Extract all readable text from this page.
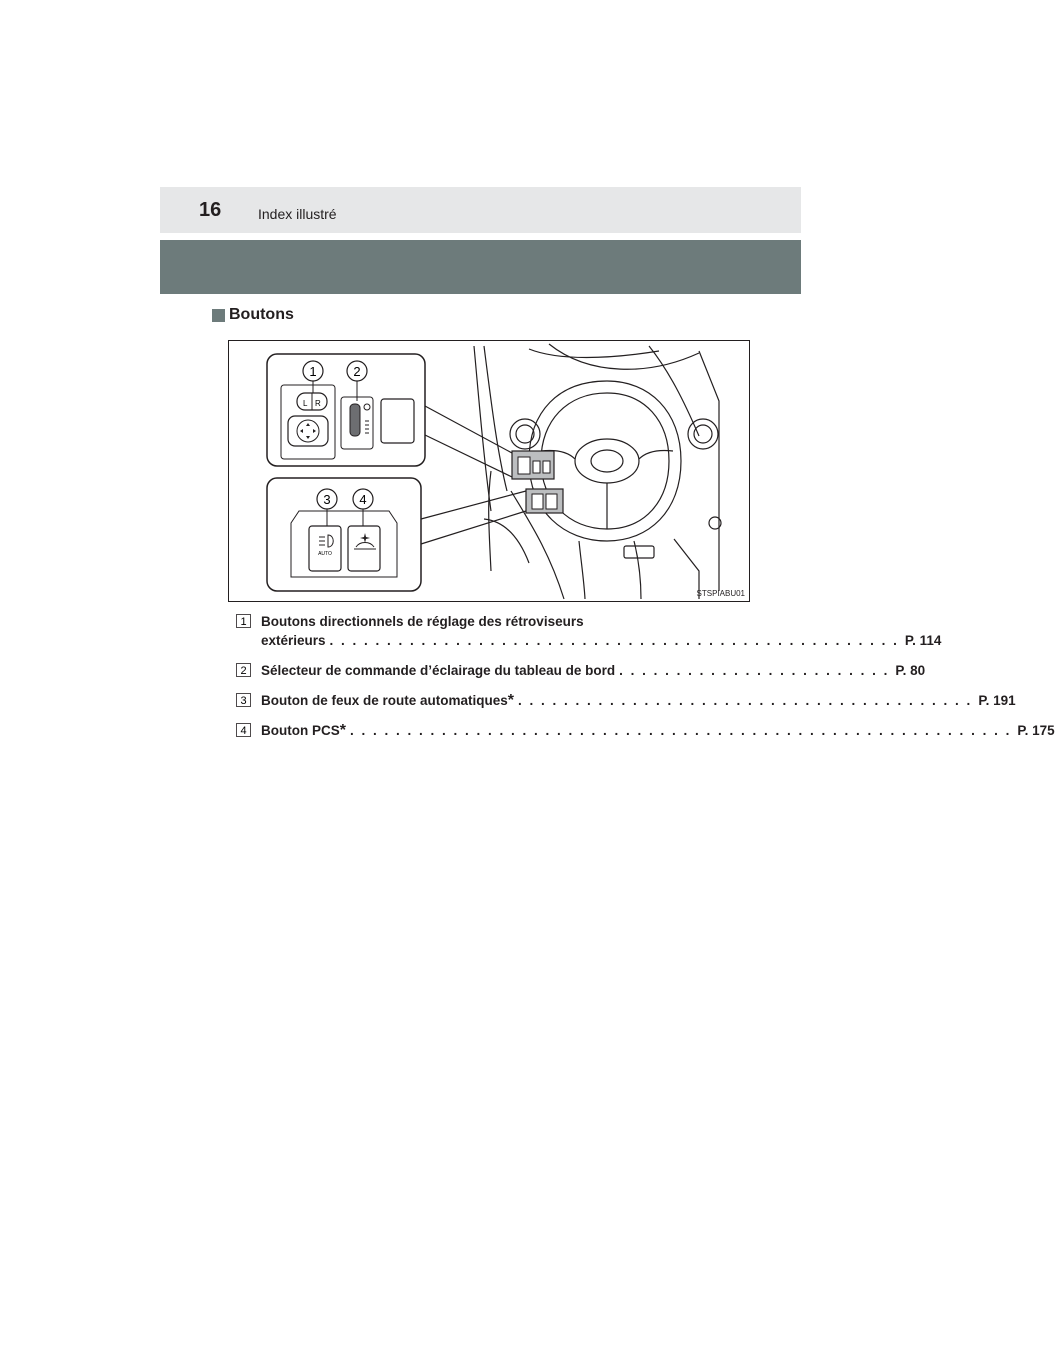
16	Index illustré
Boutons
L R
1	2
AUTO
3 4
STSPIABU01
1 Boutons directionnels de réglage des rétroviseurs
extérieurs . . . . . . . . . . . . . . . . . . . . . . . . . . . . . . . . . . . . . . . . . . . . . . . . . . P. 114
2 Sélecteur de commande d’éclairage du tableau de bord . . . . . . . . . . . . . . . . . . . . . . . . P. 80
3 Bouton de feux de route automatiques * . . . . . . . . . . . . . . . . . . . . . . . . . . . . . . . . . . . . . . . . P. 191
4 Bouton PCS * . . . . . . . . . . . . . . . . . . . . . . . . . . . . . . . . . . . . . . . . . . . . . . . . . . . . . . . . . . P. 175
